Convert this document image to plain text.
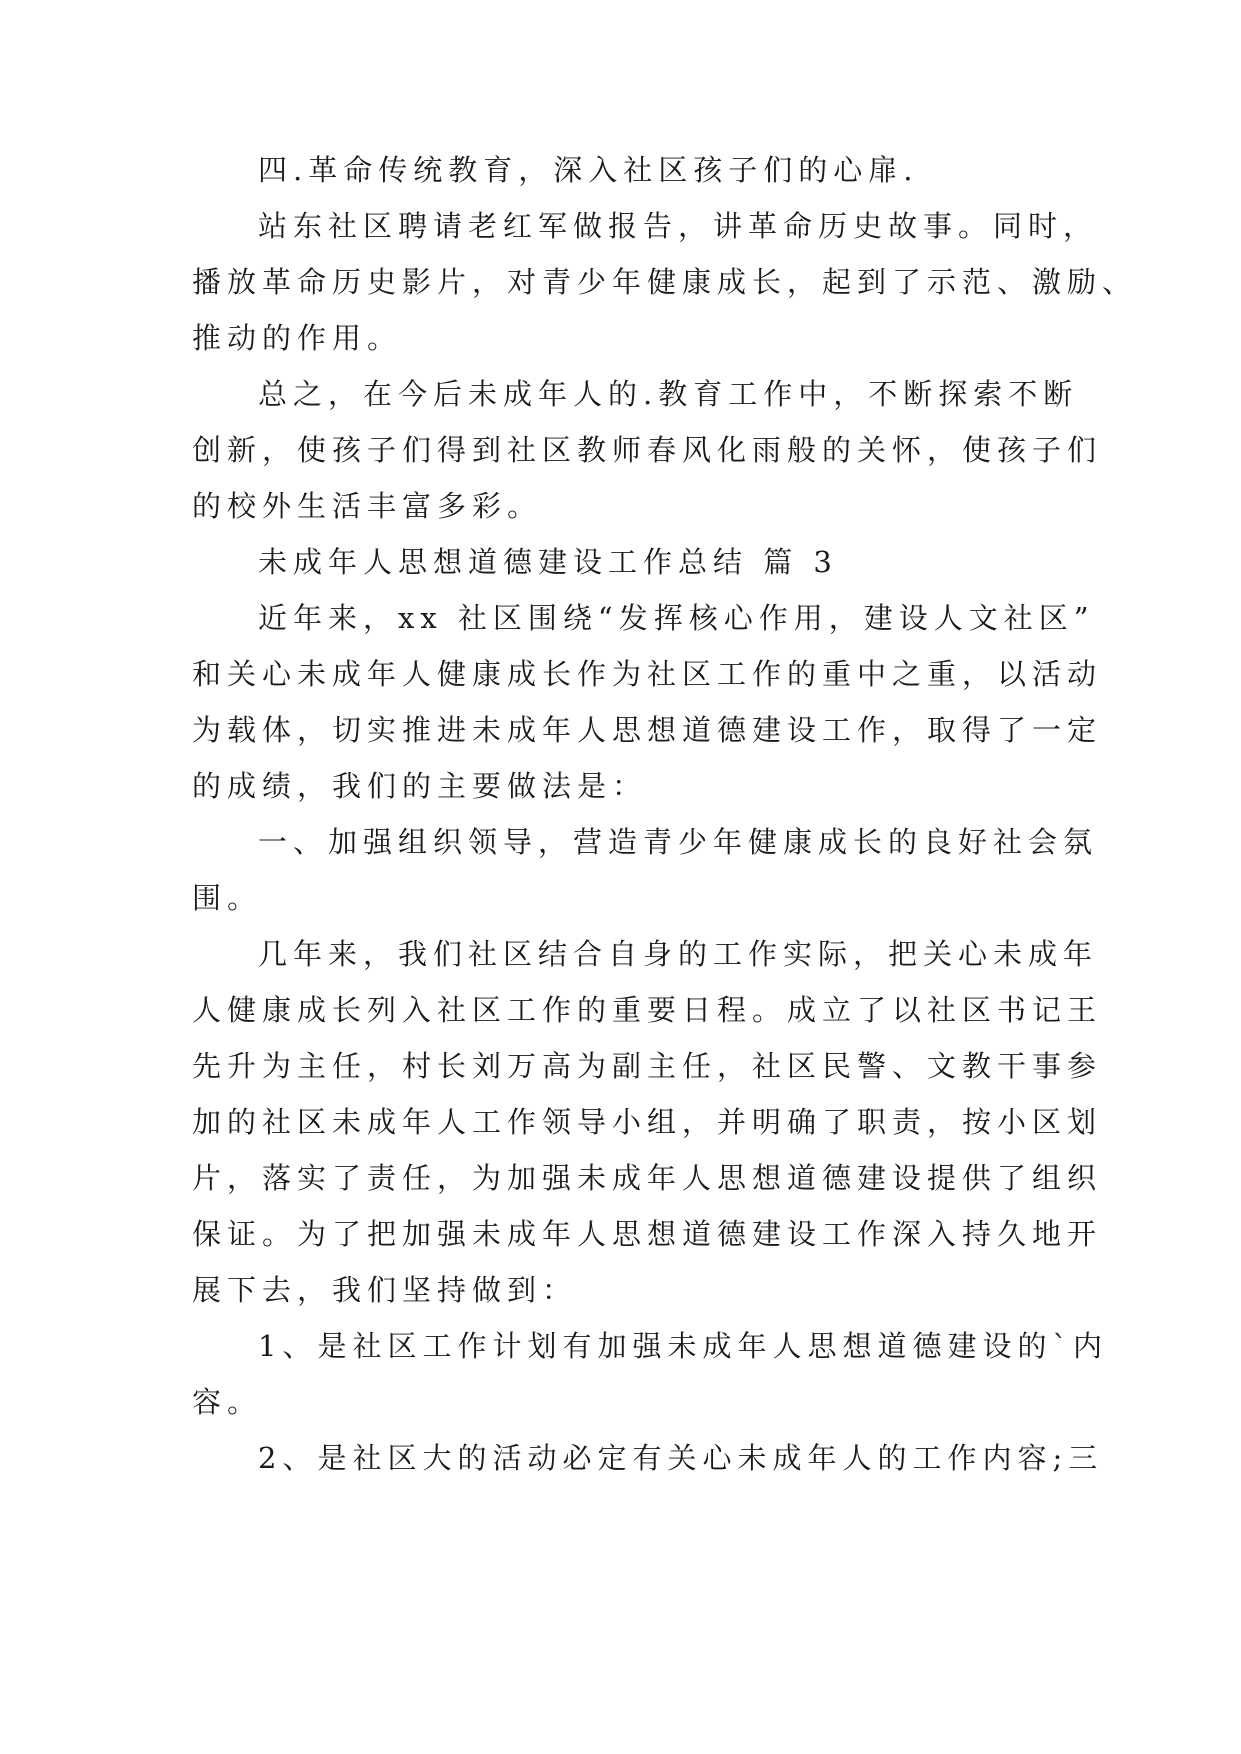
四.革命传统教育，深入社区孩子们的心扉.
站东社区聘请老红军做报告，讲革命历史故事。同时，
播放革命历史影片，对青少年健康成长，起到了示范、激励、
推动的作用。
总之，在今后未成年人的.教育工作中，不断探索不断
创新，使孩子们得到社区教师春风化雨般的关怀，使孩子们
的校外生活丰富多彩。
未成年人思想道德建设工作总结 篇 3
近年来，xx 社区围绕“发挥核心作用，建设人文社区”
和关心未成年人健康成长作为社区工作的重中之重，以活动
为载体，切实推进未成年人思想道德建设工作，取得了一定
的成绩，我们的主要做法是：
一、加强组织领导，营造青少年健康成长的良好社会氛
围。
几年来，我们社区结合自身的工作实际，把关心未成年
人健康成长列入社区工作的重要日程。成立了以社区书记王
先升为主任，村长刘万高为副主任，社区民警、文教干事参
加的社区未成年人工作领导小组，并明确了职责，按小区划
片，落实了责任，为加强未成年人思想道德建设提供了组织
保证。为了把加强未成年人思想道德建设工作深入持久地开
展下去，我们坚持做到：
1、是社区工作计划有加强未成年人思想道德建设的`内
容。
2、是社区大的活动必定有关心未成年人的工作内容;三
